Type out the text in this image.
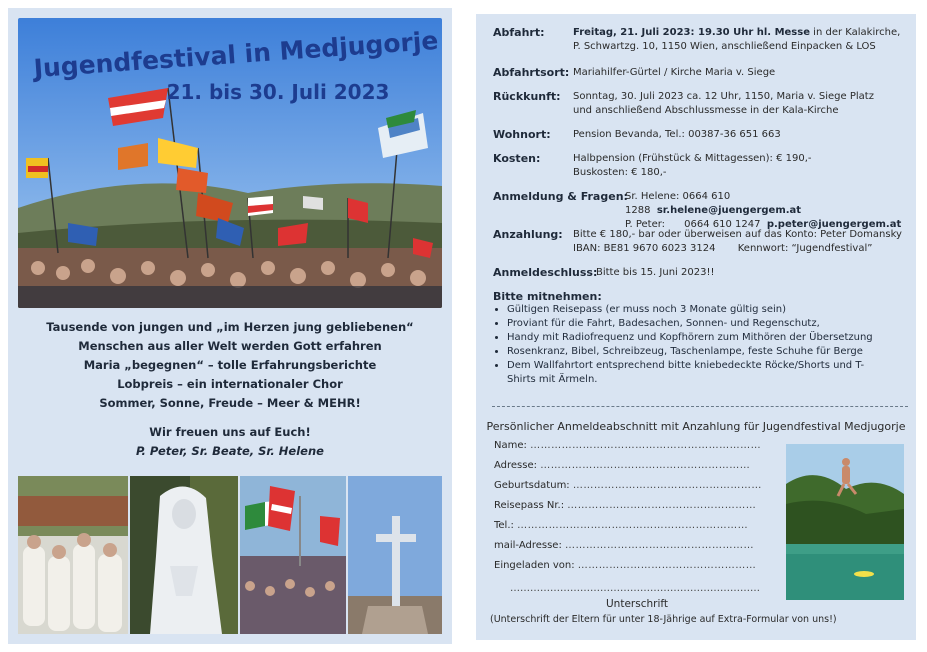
Jugendfestival in Medjugorje
21. bis 30. Juli 2023
Tausende von jungen und „im Herzen jung gebliebenen“
Menschen aus aller Welt werden Gott erfahren
Maria „begegnen“ – tolle Erfahrungsberichte
Lobpreis – ein internationaler Chor
Sommer, Sonne, Freude – Meer & MEHR!
Wir freuen uns auf Euch!
P. Peter, Sr. Beate, Sr. Helene
Abfahrt:	Freitag, 21. Juli 2023: 19.30 Uhr hl. Messe in der Kalakirche,
P. Schwartzg. 10, 1150 Wien, anschließend Einpacken & LOS
Abfahrtsort: Mariahilfer-Gürtel / Kirche Maria v. Siege
Rückkunft: Sonntag, 30. Juli 2023 ca. 12 Uhr, 1150, Maria v. Siege Platz
und anschließend Abschlussmesse in der Kala-Kirche
Wohnort: Pension Bevanda, Tel.: 00387-36 651 663
Kosten:	Halbpension (Frühstück & Mittagessen): € 190,-
Buskosten: € 180,-
Anmeldung & Fragen:
Sr. Helene: 0664 610 1288 sr.helene@juengergem.at
P. Peter: 0664 610 1247 p.peter@juengergem.at
Anzahlung: Bitte € 180,- bar oder überweisen auf das Konto: Peter Domansky
IBAN: BE81 9670 6023 3124 Kennwort: “Jugendfestival”
Anmeldeschluss:
Bitte bis 15. Juni 2023!!
Bitte mitnehmen:
• Gültigen Reisepass (er muss noch 3 Monate gültig sein)
• Proviant für die Fahrt, Badesachen, Sonnen- und Regenschutz,
• Handy mit Radiofrequenz und Kopfhörern zum Mithören der Übersetzung
• Rosenkranz, Bibel, Schreibzeug, Taschenlampe, feste Schuhe für Berge
• Dem Wallfahrtort entsprechend bitte kniebedeckte Röcke/Shorts und T-Shirts mit Ärmeln.
Persönlicher Anmeldeabschnitt mit Anzahlung für Jugendfestival Medjugorje
Name: …………………………………………………………
Adresse: ……………………………………………………
Geburtsdatum: ………………………………………………
Reisepass Nr.: ………………………………………………
Tel.: …………………………………………………………
mail-Adresse: ………………………………………………
Eingeladen von: ……………………………………………
…………………………………………………………………
Unterschrift
(Unterschrift der Eltern für unter 18-Jährige auf Extra-Formular von uns!)
